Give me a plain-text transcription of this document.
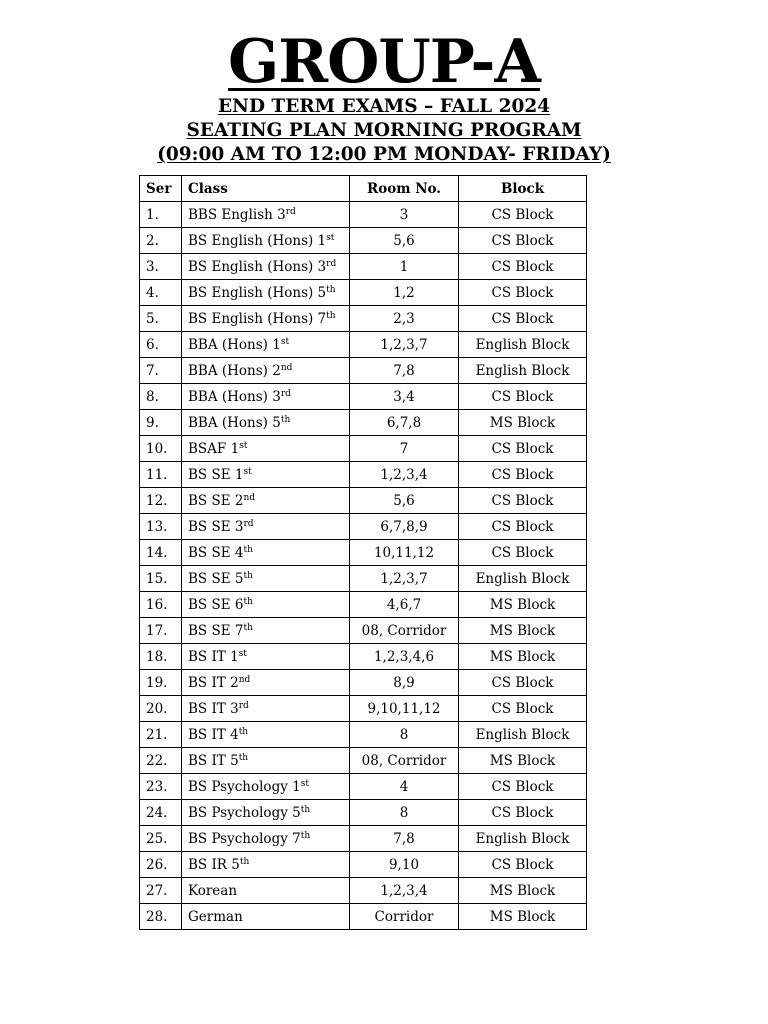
GROUP-A
END TERM EXAMS – FALL 2024
SEATING PLAN MORNING PROGRAM
(09:00 AM TO 12:00 PM MONDAY- FRIDAY)
Ser	Class	Room No.	Block
1.	BBS English 3rd	3	CS Block
2.	BS English (Hons) 1st	5,6	CS Block
3.	BS English (Hons) 3rd	1	CS Block
4.	BS English (Hons) 5th	1,2	CS Block
5.	BS English (Hons) 7th	2,3	CS Block
6.	BBA (Hons) 1st	1,2,3,7	English Block
7.	BBA (Hons) 2nd	7,8	English Block
8.	BBA (Hons) 3rd	3,4	CS Block
9.	BBA (Hons) 5th	6,7,8	MS Block
10.	BSAF 1st	7	CS Block
11.	BS SE 1st	1,2,3,4	CS Block
12.	BS SE 2nd	5,6	CS Block
13.	BS SE 3rd	6,7,8,9	CS Block
14.	BS SE 4th	10,11,12	CS Block
15.	BS SE 5th	1,2,3,7	English Block
16.	BS SE 6th	4,6,7	MS Block
17.	BS SE 7th	08, Corridor	MS Block
18.	BS IT 1st	1,2,3,4,6	MS Block
19.	BS IT 2nd	8,9	CS Block
20.	BS IT 3rd	9,10,11,12	CS Block
21.	BS IT 4th	8	English Block
22.	BS IT 5th	08, Corridor	MS Block
23.	BS Psychology 1st	4	CS Block
24.	BS Psychology 5th	8	CS Block
25.	BS Psychology 7th	7,8	English Block
26.	BS IR 5th	9,10	CS Block
27.	Korean	1,2,3,4	MS Block
28.	German	Corridor	MS Block
